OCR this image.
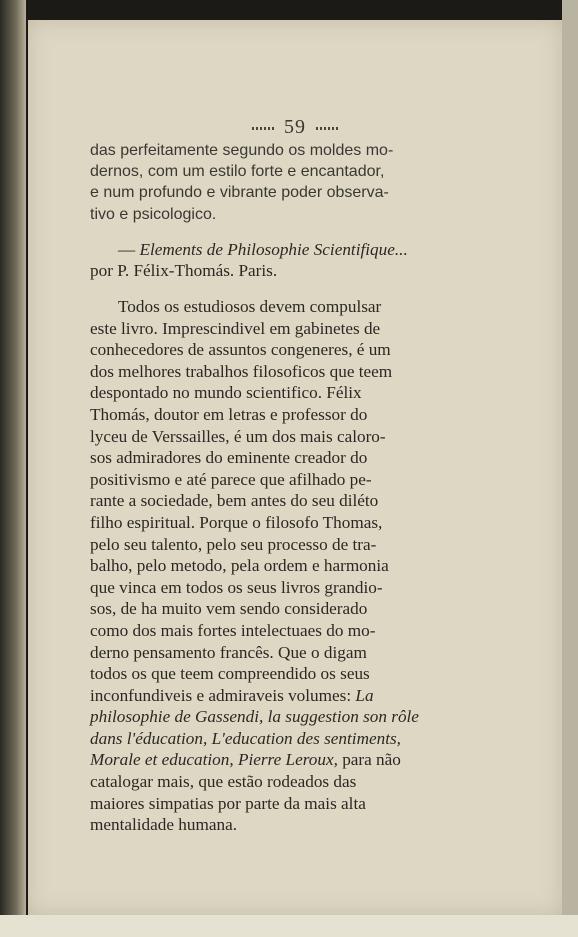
59

das perfeitamente segundo os moldes mo-
dernos, com um estilo forte e encantador,
e num profundo e vibrante poder observa-
tivo e psicologico.

— Elements de Philosophie Scientifique...
por P. Félix-Thomás. Paris.

Todos os estudiosos devem compulsar
este livro. Imprescindivel em gabinetes de
conhecedores de assuntos congeneres, é um
dos melhores trabalhos filosoficos que teem
despontado no mundo scientifico. Félix
Thomás, doutor em letras e professor do
lyceu de Verssailles, é um dos mais caloro-
sos admiradores do eminente creador do
positivismo e até parece que afilhado pe-
rante a sociedade, bem antes do seu diléto
filho espiritual. Porque o filosofo Thomas,
pelo seu talento, pelo seu processo de tra-
balho, pelo metodo, pela ordem e harmonia
que vinca em todos os seus livros grandio-
sos, de ha muito vem sendo considerado
como dos mais fortes intelectuaes do mo-
derno pensamento francês. Que o digam
todos os que teem compreendido os seus
inconfundiveis e admiraveis volumes: La
philosophie de Gassendi, la suggestion son rôle
dans l'éducation, L'education des sentiments,
Morale et education, Pierre Leroux, para não
catalogar mais, que estão rodeados das
maiores simpatias por parte da mais alta
mentalidade humana.
